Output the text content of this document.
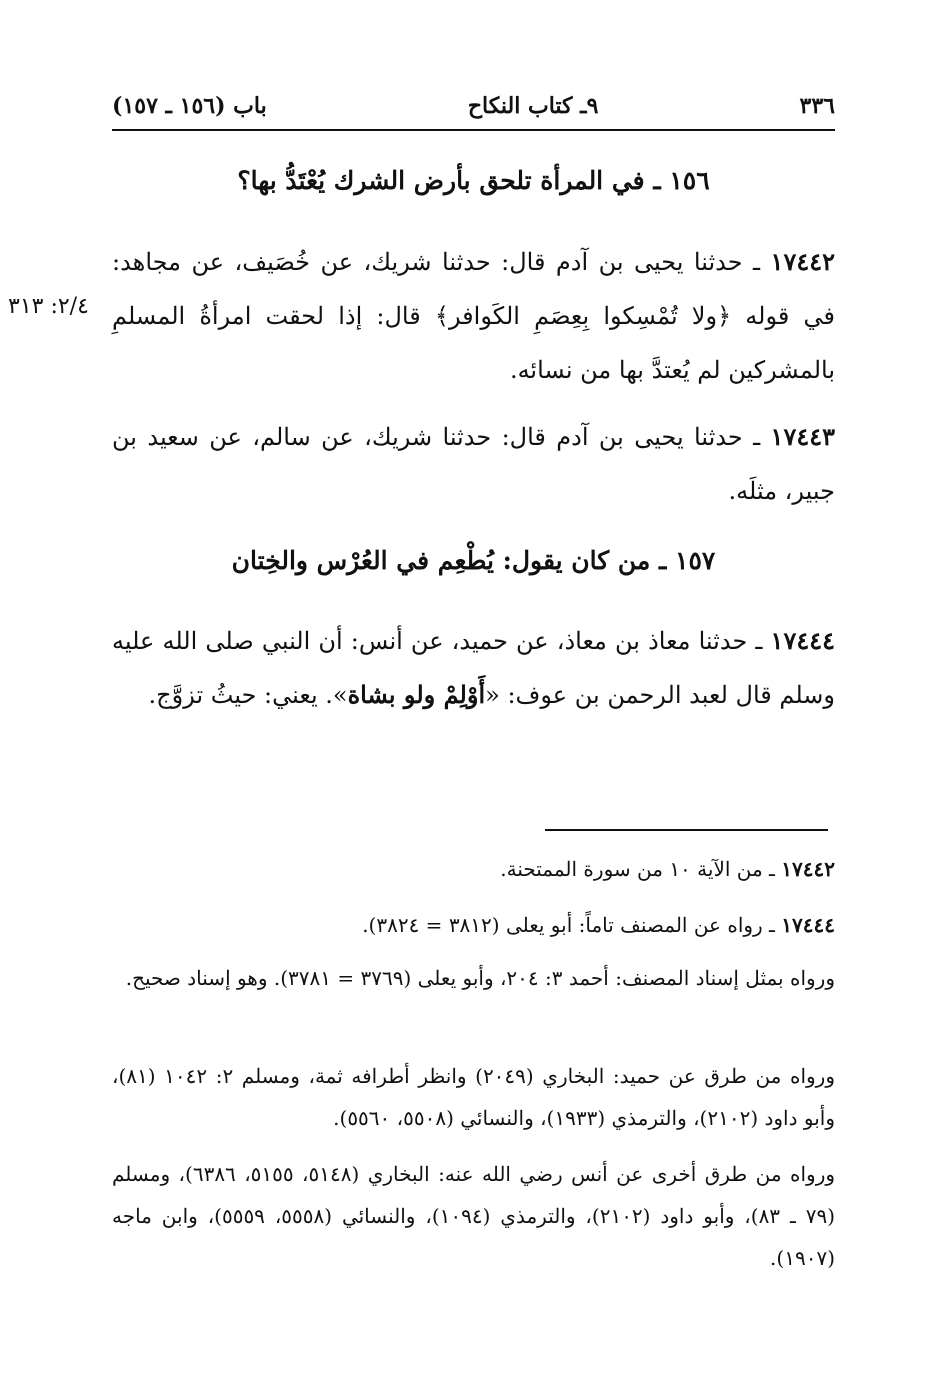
٣٣٦
٩ـ كتاب النكاح
باب (١٥٦ ـ ١٥٧)
١٥٦ ـ في المرأة تلحق بأرض الشرك يُعْتَدُّ بها؟
١٧٤٤٢ ـ حدثنا يحيى بن آدم قال: حدثنا شريك، عن خُصَيف، عن مجاهد: في قوله ﴿ولا تُمْسِكوا بِعِصَمِ الكَوافر﴾ قال: إذا لحقت امرأةُ المسلمِ بالمشركين لم يُعتدَّ بها من نسائه.
٢/٤: ٣١٣
١٧٤٤٣ ـ حدثنا يحيى بن آدم قال: حدثنا شريك، عن سالم، عن سعيد بن جبير، مثلَه.
١٥٧ ـ من كان يقول: يُطْعِم في العُرْس والخِتان
١٧٤٤٤ ـ حدثنا معاذ بن معاذ، عن حميد، عن أنس: أن النبي صلى الله عليه وسلم قال لعبد الرحمن بن عوف: «أَوْلِمْ ولو بشاة». يعني: حيثُ تزوَّج.
١٧٤٤٢ ـ من الآية ١٠ من سورة الممتحنة.
١٧٤٤٤ ـ رواه عن المصنف تاماً: أبو يعلى (٣٨١٢ = ٣٨٢٤).
ورواه بمثل إسناد المصنف: أحمد ٣: ٢٠٤، وأبو يعلى (٣٧٦٩ = ٣٧٨١). وهو إسناد صحيح.
ورواه من طرق عن حميد: البخاري (٢٠٤٩) وانظر أطرافه ثمة، ومسلم ٢: ١٠٤٢ (٨١)، وأبو داود (٢١٠٢)، والترمذي (١٩٣٣)، والنسائي (٥٥٠٨، ٥٥٦٠).
ورواه من طرق أخرى عن أنس رضي الله عنه: البخاري (٥١٤٨، ٥١٥٥، ٦٣٨٦)، ومسلم (٧٩ ـ ٨٣)، وأبو داود (٢١٠٢)، والترمذي (١٠٩٤)، والنسائي (٥٥٥٨، ٥٥٥٩)، وابن ماجه (١٩٠٧).
